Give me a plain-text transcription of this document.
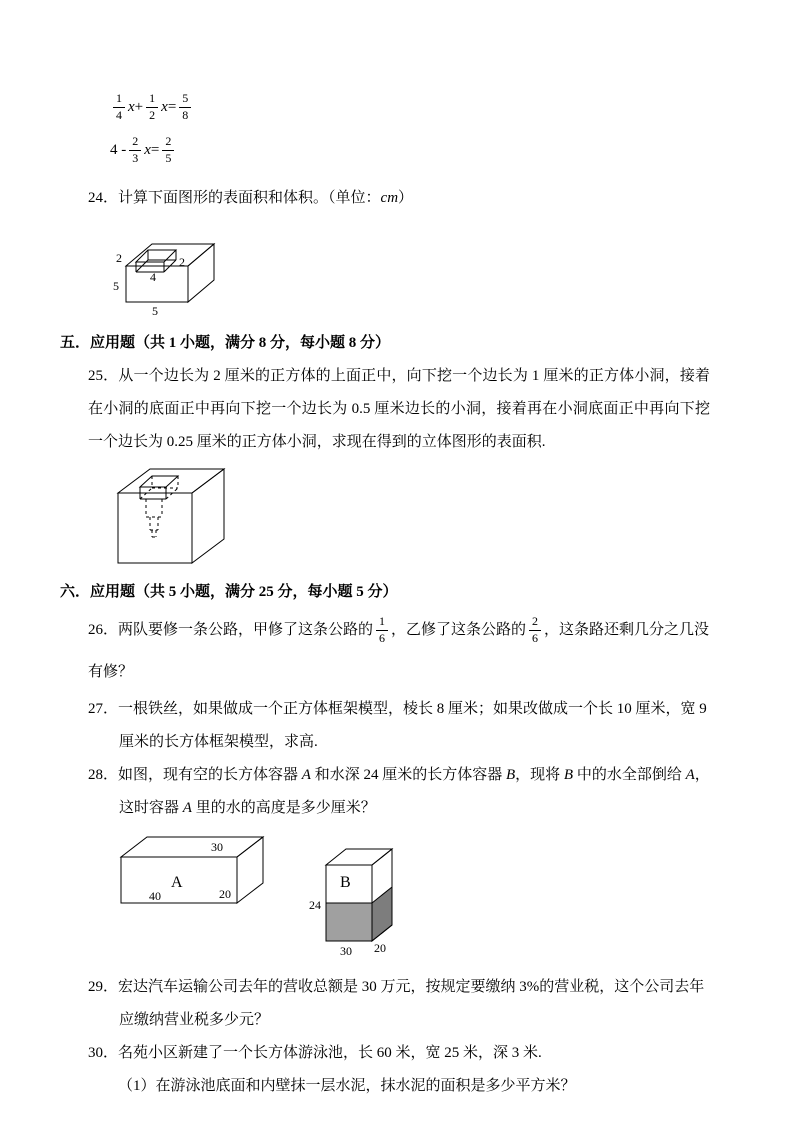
$\frac{1}{4}$ $x + \frac{1}{2}$ $x = \frac{5}{8}$
$4 - \frac{2}{3}$ $x = \frac{2}{5}$
24．计算下面图形的表面积和体积。（单位：cm）
2	2
4
5
5
五．应用题（共 1 小题，满分 8 分，每小题 8 分）
25．从一个边长为 2 厘米的正方体的上面正中，向下挖一个边长为 1 厘米的正方体小洞，接着在小洞的底面正中再向下挖一个边长为 0.5 厘米边长的小洞，接着再在小洞底面正中再向下挖一个边长为 0.25 厘米的正方体小洞，求现在得到的立体图形的表面积.
六．应用题（共 5 小题，满分 25 分，每小题 5 分）
26．两队要修一条公路，甲修了这条公路的 $\frac{1}{6}$ ，乙修了这条公路的 $\frac{2}{6}$ ，这条路还剩几分之几没有修？
27．一根铁丝，如果做成一个正方体框架模型，棱长 8 厘米；如果改做成一个长 10 厘米，宽 9 厘米的长方体框架模型，求高.
28．如图，现有空的长方体容器 A 和水深 24 厘米的长方体容器 B，现将 B 中的水全部倒给 A，这时容器 A 里的水的高度是多少厘米？
30
A
40	20
B
24
30 20
29．宏达汽车运输公司去年的营收总额是 30 万元，按规定要缴纳 3%的营业税，这个公司去年应缴纳营业税多少元？
30．名苑小区新建了一个长方体游泳池，长 60 米，宽 25 米，深 3 米.
（1）在游泳池底面和内壁抹一层水泥，抹水泥的面积是多少平方米？
